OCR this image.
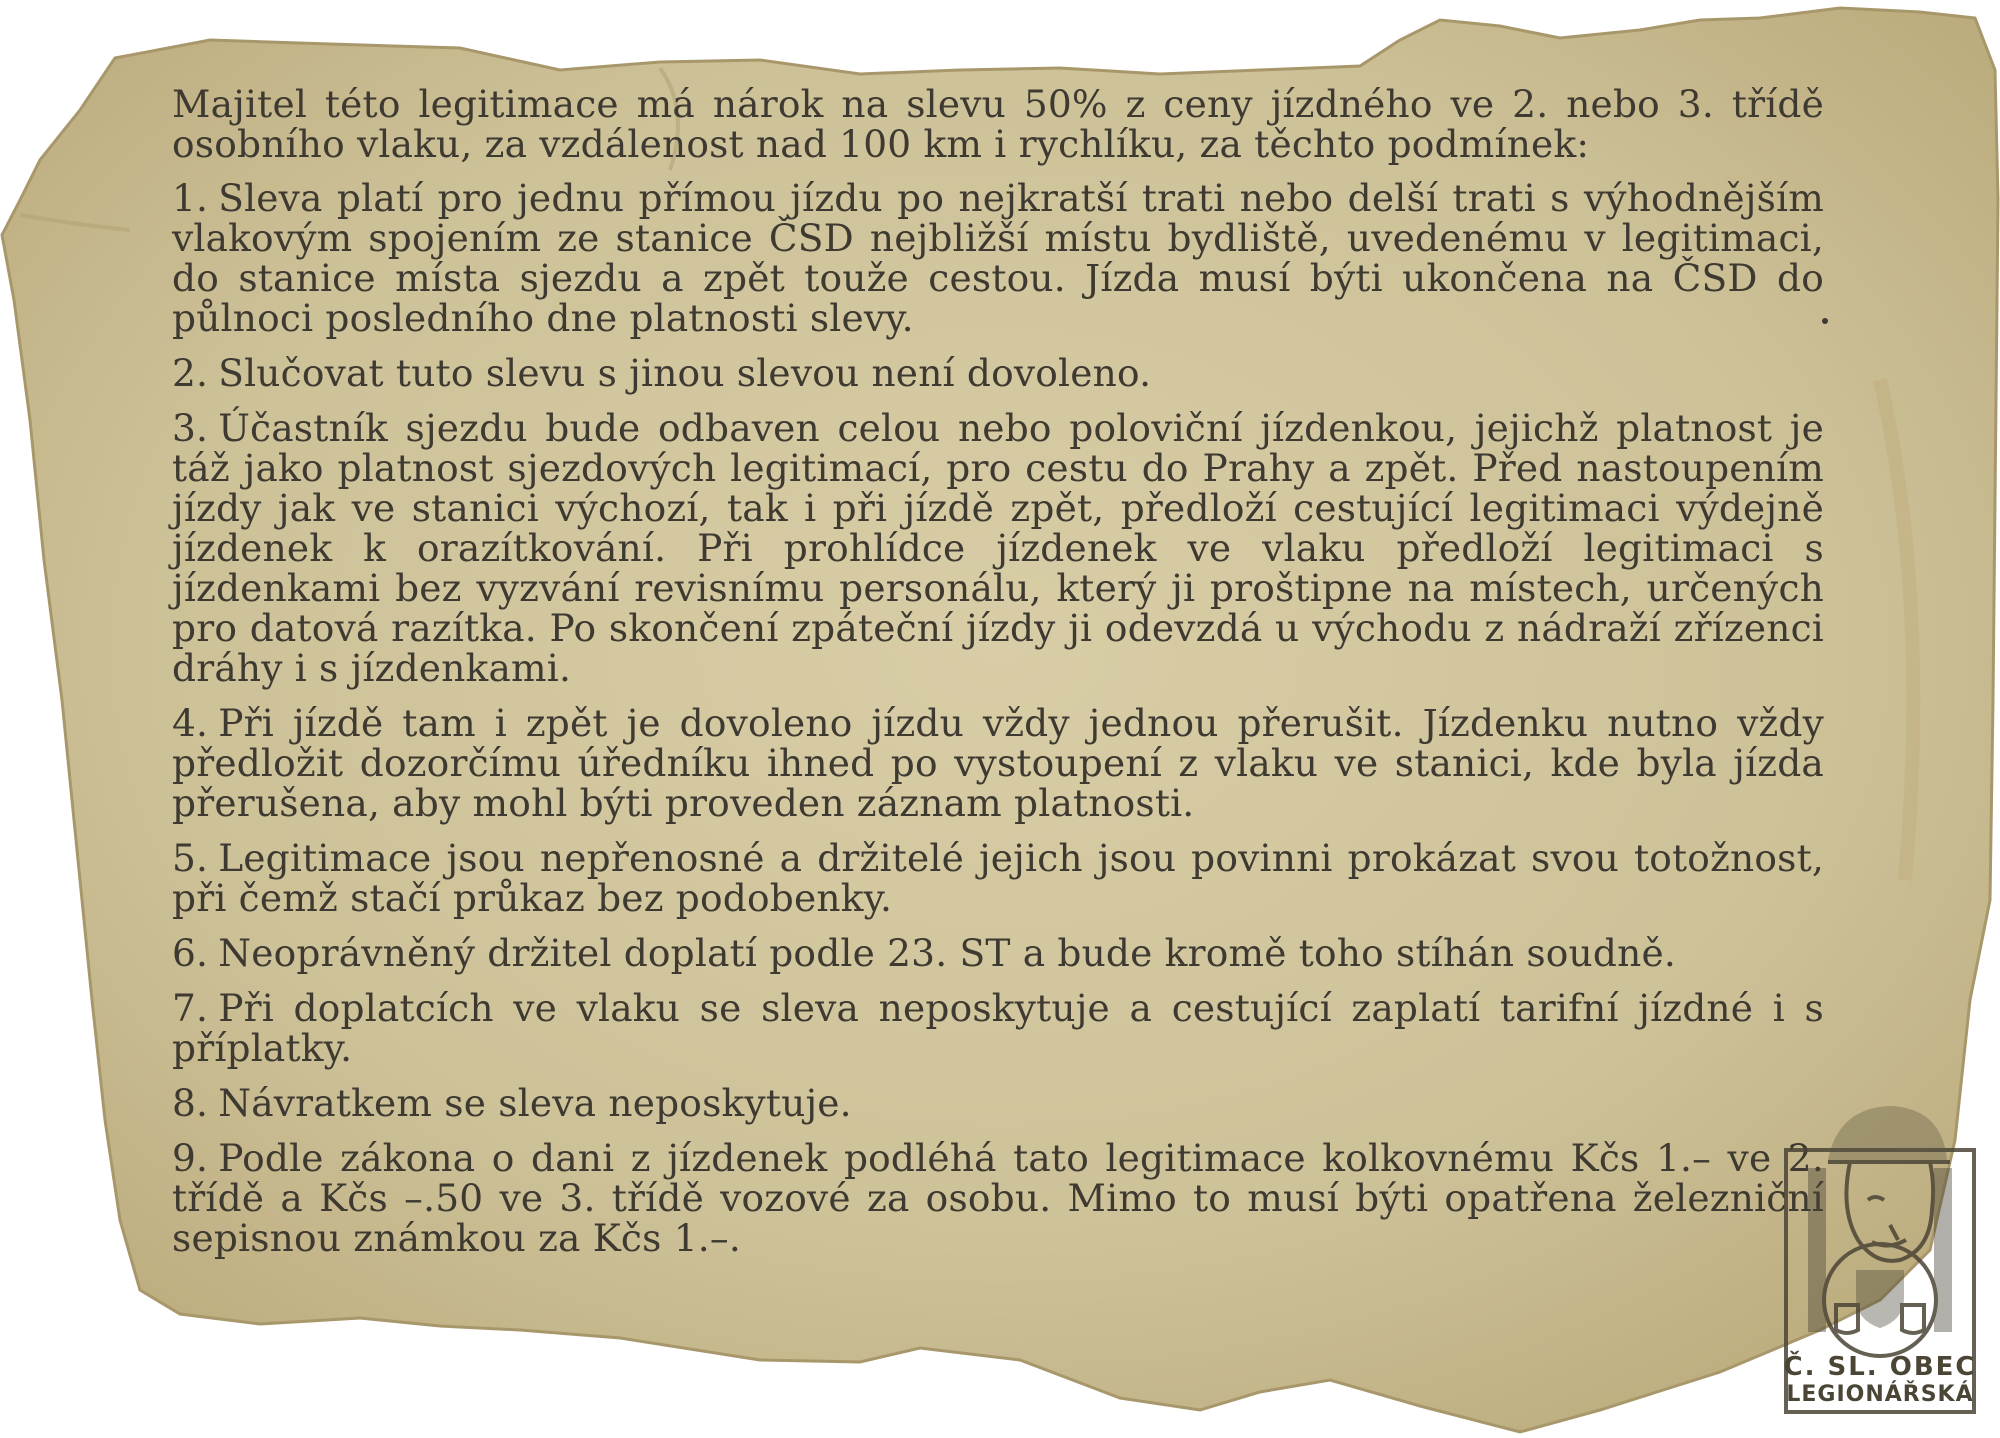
Majitel této legitimace má nárok na slevu 50% z ceny jízdného ve 2. nebo 3. třídě osobního vlaku, za vzdálenost nad 100 km i rychlíku, za těchto podmínek:

1. Sleva platí pro jednu přímou jízdu po nejkratší trati nebo delší trati s výhodnějším vlakovým spojením ze stanice ČSD nejbližší místu bydliště, uvedenému v legitimaci, do stanice místa sjezdu a zpět touže cestou. Jízda musí býti ukončena na ČSD do půlnoci posledního dne platnosti slevy.

2. Slučovat tuto slevu s jinou slevou není dovoleno.

3. Účastník sjezdu bude odbaven celou nebo poloviční jízdenkou, jejichž platnost je táž jako platnost sjezdových legitimací, pro cestu do Prahy a zpět. Před nastoupením jízdy jak ve stanici výchozí, tak i při jízdě zpět, předloží cestující legitimaci výdejně jízdenek k orazítkování. Při prohlídce jízdenek ve vlaku předloží legitimaci s jízdenkami bez vyzvání revisnímu personálu, který ji proštipne na místech, určených pro datová razítka. Po skončení zpáteční jízdy ji odevzdá u východu z nádraží zřízenci dráhy i s jízdenkami.

4. Při jízdě tam i zpět je dovoleno jízdu vždy jednou přerušit. Jízdenku nutno vždy předložit dozorčímu úředníku ihned po vystoupení z vlaku ve stanici, kde byla jízda přerušena, aby mohl býti proveden záznam platnosti.

5. Legitimace jsou nepřenosné a držitelé jejich jsou povinni prokázat svou totožnost, při čemž stačí průkaz bez podobenky.

6. Neoprávněný držitel doplatí podle 23. ST a bude kromě toho stíhán soudně.

7. Při doplatcích ve vlaku se sleva neposkytuje a cestující zaplatí tarifní jízdné i s příplatky.

8. Návratkem se sleva neposkytuje.

9. Podle zákona o dani z jízdenek podléhá tato legitimace kolkovnému Kčs 1.– ve 2. třídě a Kčs –.50 ve 3. třídě vozové za osobu. Mimo to musí býti opatřena železniční sepisnou známkou za Kčs 1.–.

Č. SL. OBEC
LEGIONÁŘSKÁ
